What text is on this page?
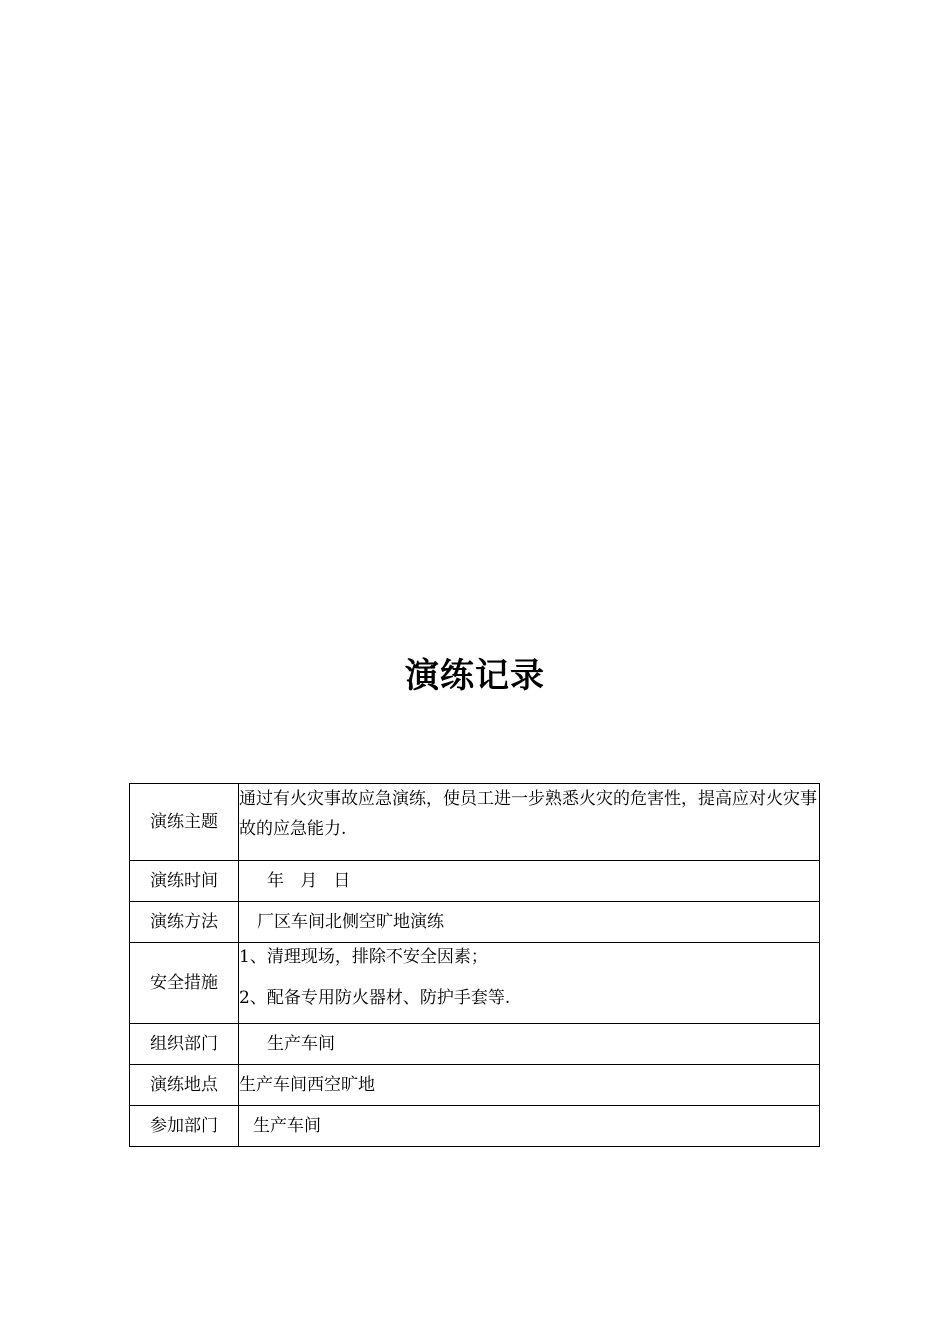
演练记录
演练主题	通过有火灾事故应急演练，使员工进一步熟悉火灾的危害性，提高应对火灾事故的应急能力.
演练时间	年   月   日
演练方法	厂区车间北侧空旷地演练
安全措施	1、清理现场，排除不安全因素；
2、配备专用防火器材、防护手套等.

组织部门	生产车间
演练地点	生产车间西空旷地
参加部门	生产车间
